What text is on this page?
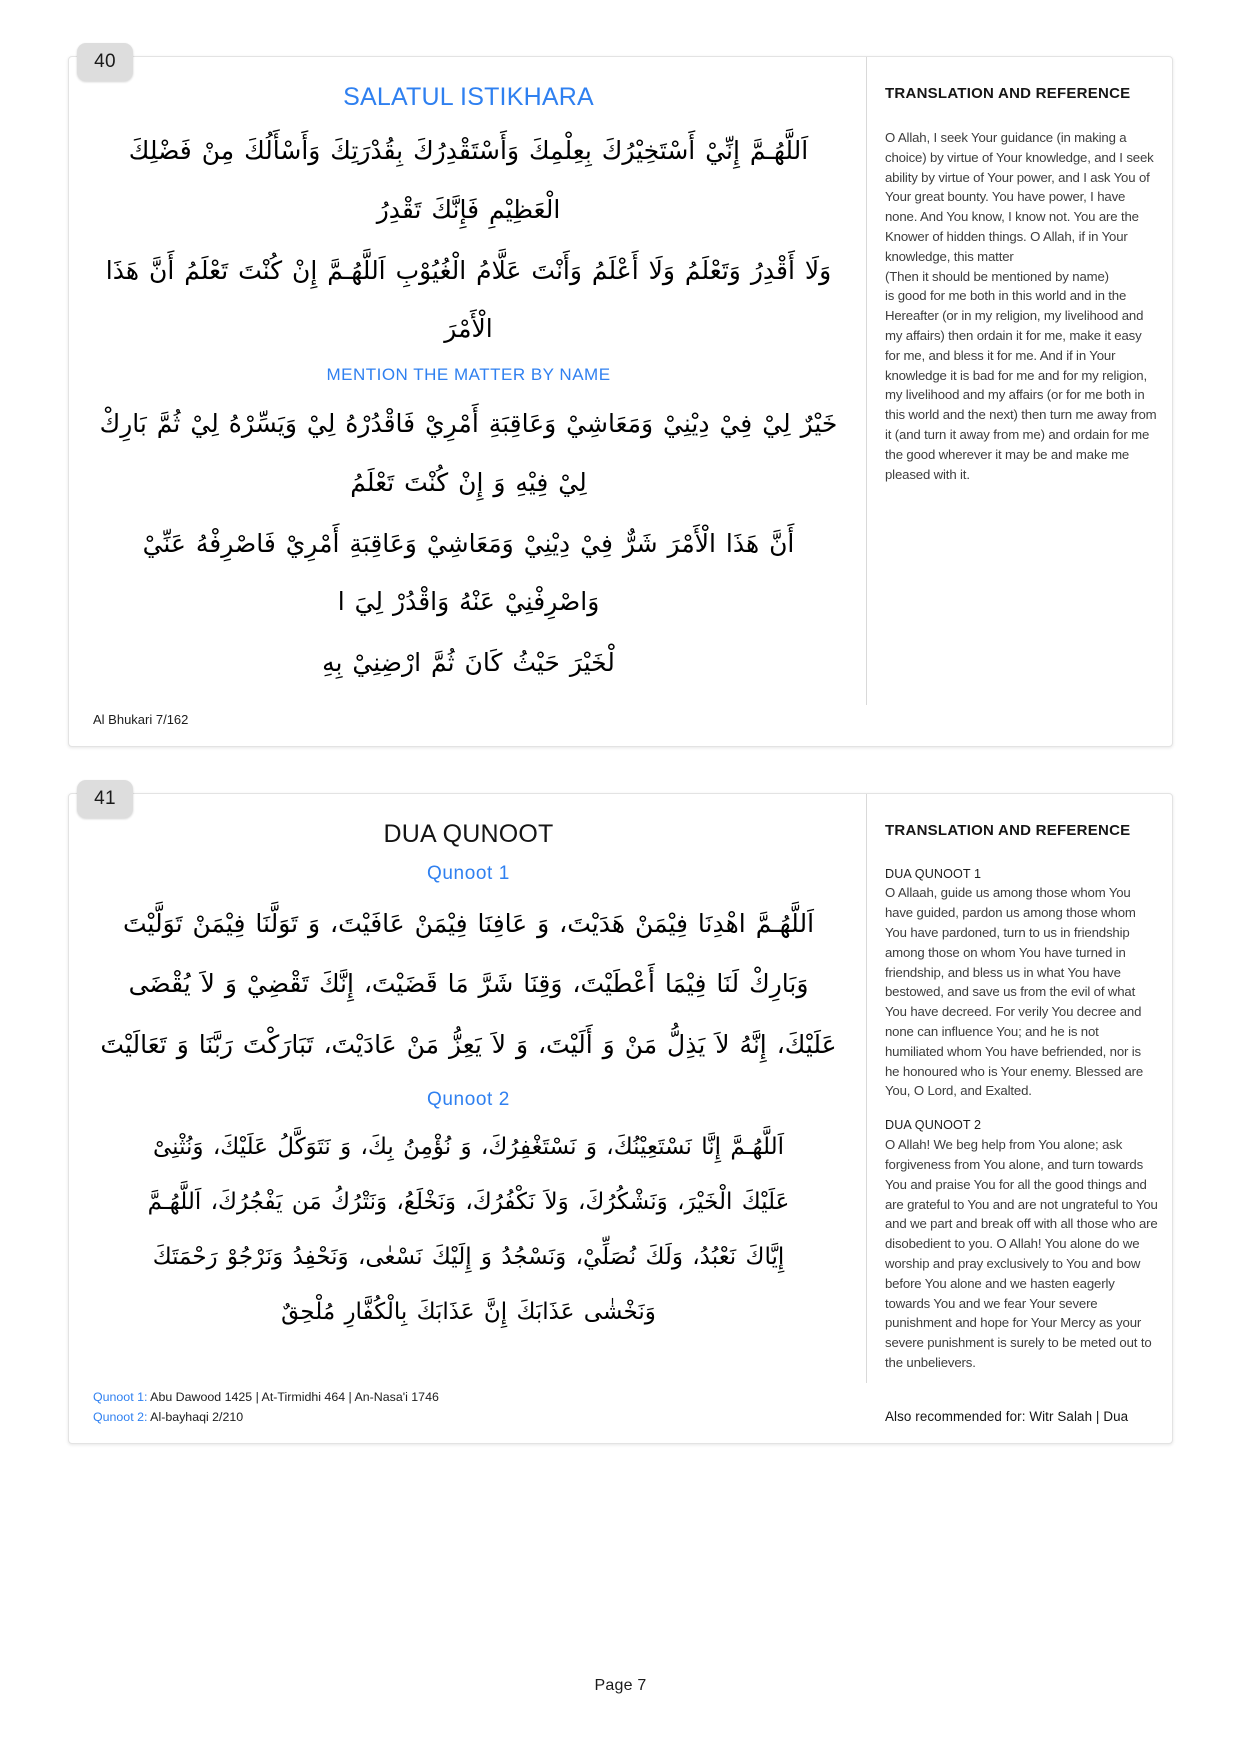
40
SALATUL ISTIKHARA

اَللَّهُـمَّ إِنِّيْ أَسْتَخِيْرُكَ بِعِلْمِكَ وَأَسْتَقْدِرُكَ بِقُدْرَتِكَ وَأَسْأَلُكَ مِنْ فَضْلِكَ الْعَظِيْمِ فَإِنَّكَ تَقْدِرُ

وَلَا أَقْدِرُ وَتَعْلَمُ وَلَا أَعْلَمُ وَأَنْتَ عَلَّامُ الْغُيُوْبِ اَللَّهُـمَّ إِنْ كُنْتَ تَعْلَمُ أَنَّ هَذَا الْأَمْرَ

MENTION THE MATTER BY NAME

خَيْرٌ لِيْ فِيْ دِيْنِيْ وَمَعَاشِيْ وَعَاقِبَةِ أَمْرِيْ فَاقْدُرْهُ لِيْ وَيَسِّرْهُ لِيْ ثُمَّ بَارِكْ لِيْ فِيْهِ وَ إِنْ كُنْتَ تَعْلَمُ

أَنَّ هَذَا الْأَمْرَ شَرٌّ فِيْ دِيْنِيْ وَمَعَاشِيْ وَعَاقِبَةِ أَمْرِيْ فَاصْرِفْهُ عَنِّيْ وَاصْرِفْنِيْ عَنْهُ وَاقْدُرْ لِيَ ا

لْخَيْرَ حَيْثُ كَانَ ثُمَّ ارْضِنِيْ بِهِ

TRANSLATION AND REFERENCE

O Allah, I seek Your guidance (in making a choice) by virtue of Your knowledge, and I seek ability by virtue of Your power, and I ask You of Your great bounty. You have power, I have none. And You know, I know not. You are the Knower of hidden things. O Allah, if in Your knowledge, this matter

(Then it should be mentioned by name)

is good for me both in this world and in the Hereafter (or in my religion, my livelihood and my affairs) then ordain it for me, make it easy for me, and bless it for me. And if in Your knowledge it is bad for me and for my religion, my livelihood and my affairs (or for me both in this world and the next) then turn me away from it (and turn it away from me) and ordain for me the good wherever it may be and make me pleased with it.

Al Bhukari 7/162

41
DUA QUNOOT
Qunoot 1

اَللَّهُـمَّ اهْدِنَا فِيْمَنْ هَدَيْتَ، وَ عَافِنَا فِيْمَنْ عَافَيْتَ، وَ تَوَلَّنَا فِيْمَنْ تَوَلَّيْتَ

وَبَارِكْ لَنَا فِيْمَا أَعْطَيْتَ، وَقِنَا شَرَّ مَا قَضَيْتَ، إِنَّكَ تَقْضِيْ وَ لاَ يُقْضَى

عَلَيْكَ، إِنَّهُ لاَ يَذِلُّ مَنْ وَ أَلَيْتَ، وَ لاَ يَعِزُّ مَنْ عَادَيْتَ، تَبَارَكْتَ رَبَّنَا وَ تَعَالَيْتَ

Qunoot 2

اَللَّهُـمَّ إِنَّا نَسْتَعِيْنُكَ، وَ نَسْتَغْفِرُكَ، وَ نُؤْمِنُ بِكَ، وَ نَتَوَكَّلُ عَلَيْكَ، وَنُثْنِىْ

عَلَيْكَ الْخَيْرَ، وَنَشْكُرُكَ، وَلاَ نَكْفُرُكَ، وَنَخْلَعُ، وَنَتْرُكُ مَن يَفْجُرُكَ، اَللَّهُـمَّ

إِيَّاكَ نَعْبُدُ، وَلَكَ نُصَلِّيْ، وَنَسْجُدُ وَ إِلَيْكَ نَسْعٰى، وَنَحْفِدُ وَنَرْجُوْ رَحْمَتَكَ

وَنَخْشٰى عَذَابَكَ إِنَّ عَذَابَكَ بِالْكُفَّارِ مُلْحِقٌ

TRANSLATION AND REFERENCE

DUA QUNOOT 1

O Allaah, guide us among those whom You have guided, pardon us among those whom You have pardoned, turn to us in friendship among those on whom You have turned in friendship, and bless us in what You have bestowed, and save us from the evil of what You have decreed. For verily You decree and none can influence You; and he is not humiliated whom You have befriended, nor is he honoured who is Your enemy. Blessed are You, O Lord, and Exalted.

DUA QUNOOT 2

O Allah! We beg help from You alone; ask forgiveness from You alone, and turn towards You and praise You for all the good things and are grateful to You and are not ungrateful to You and we part and break off with all those who are disobedient to you. O Allah! You alone do we worship and pray exclusively to You and bow before You alone and we hasten eagerly towards You and we fear Your severe punishment and hope for Your Mercy as your severe punishment is surely to be meted out to the unbelievers.

Qunoot 1: Abu Dawood 1425 | At-Tirmidhi 464 | An-Nasa'i 1746

Qunoot 2: Al-bayhaqi 2/210	Also recommended for: Witr Salah | Dua

Page 7
